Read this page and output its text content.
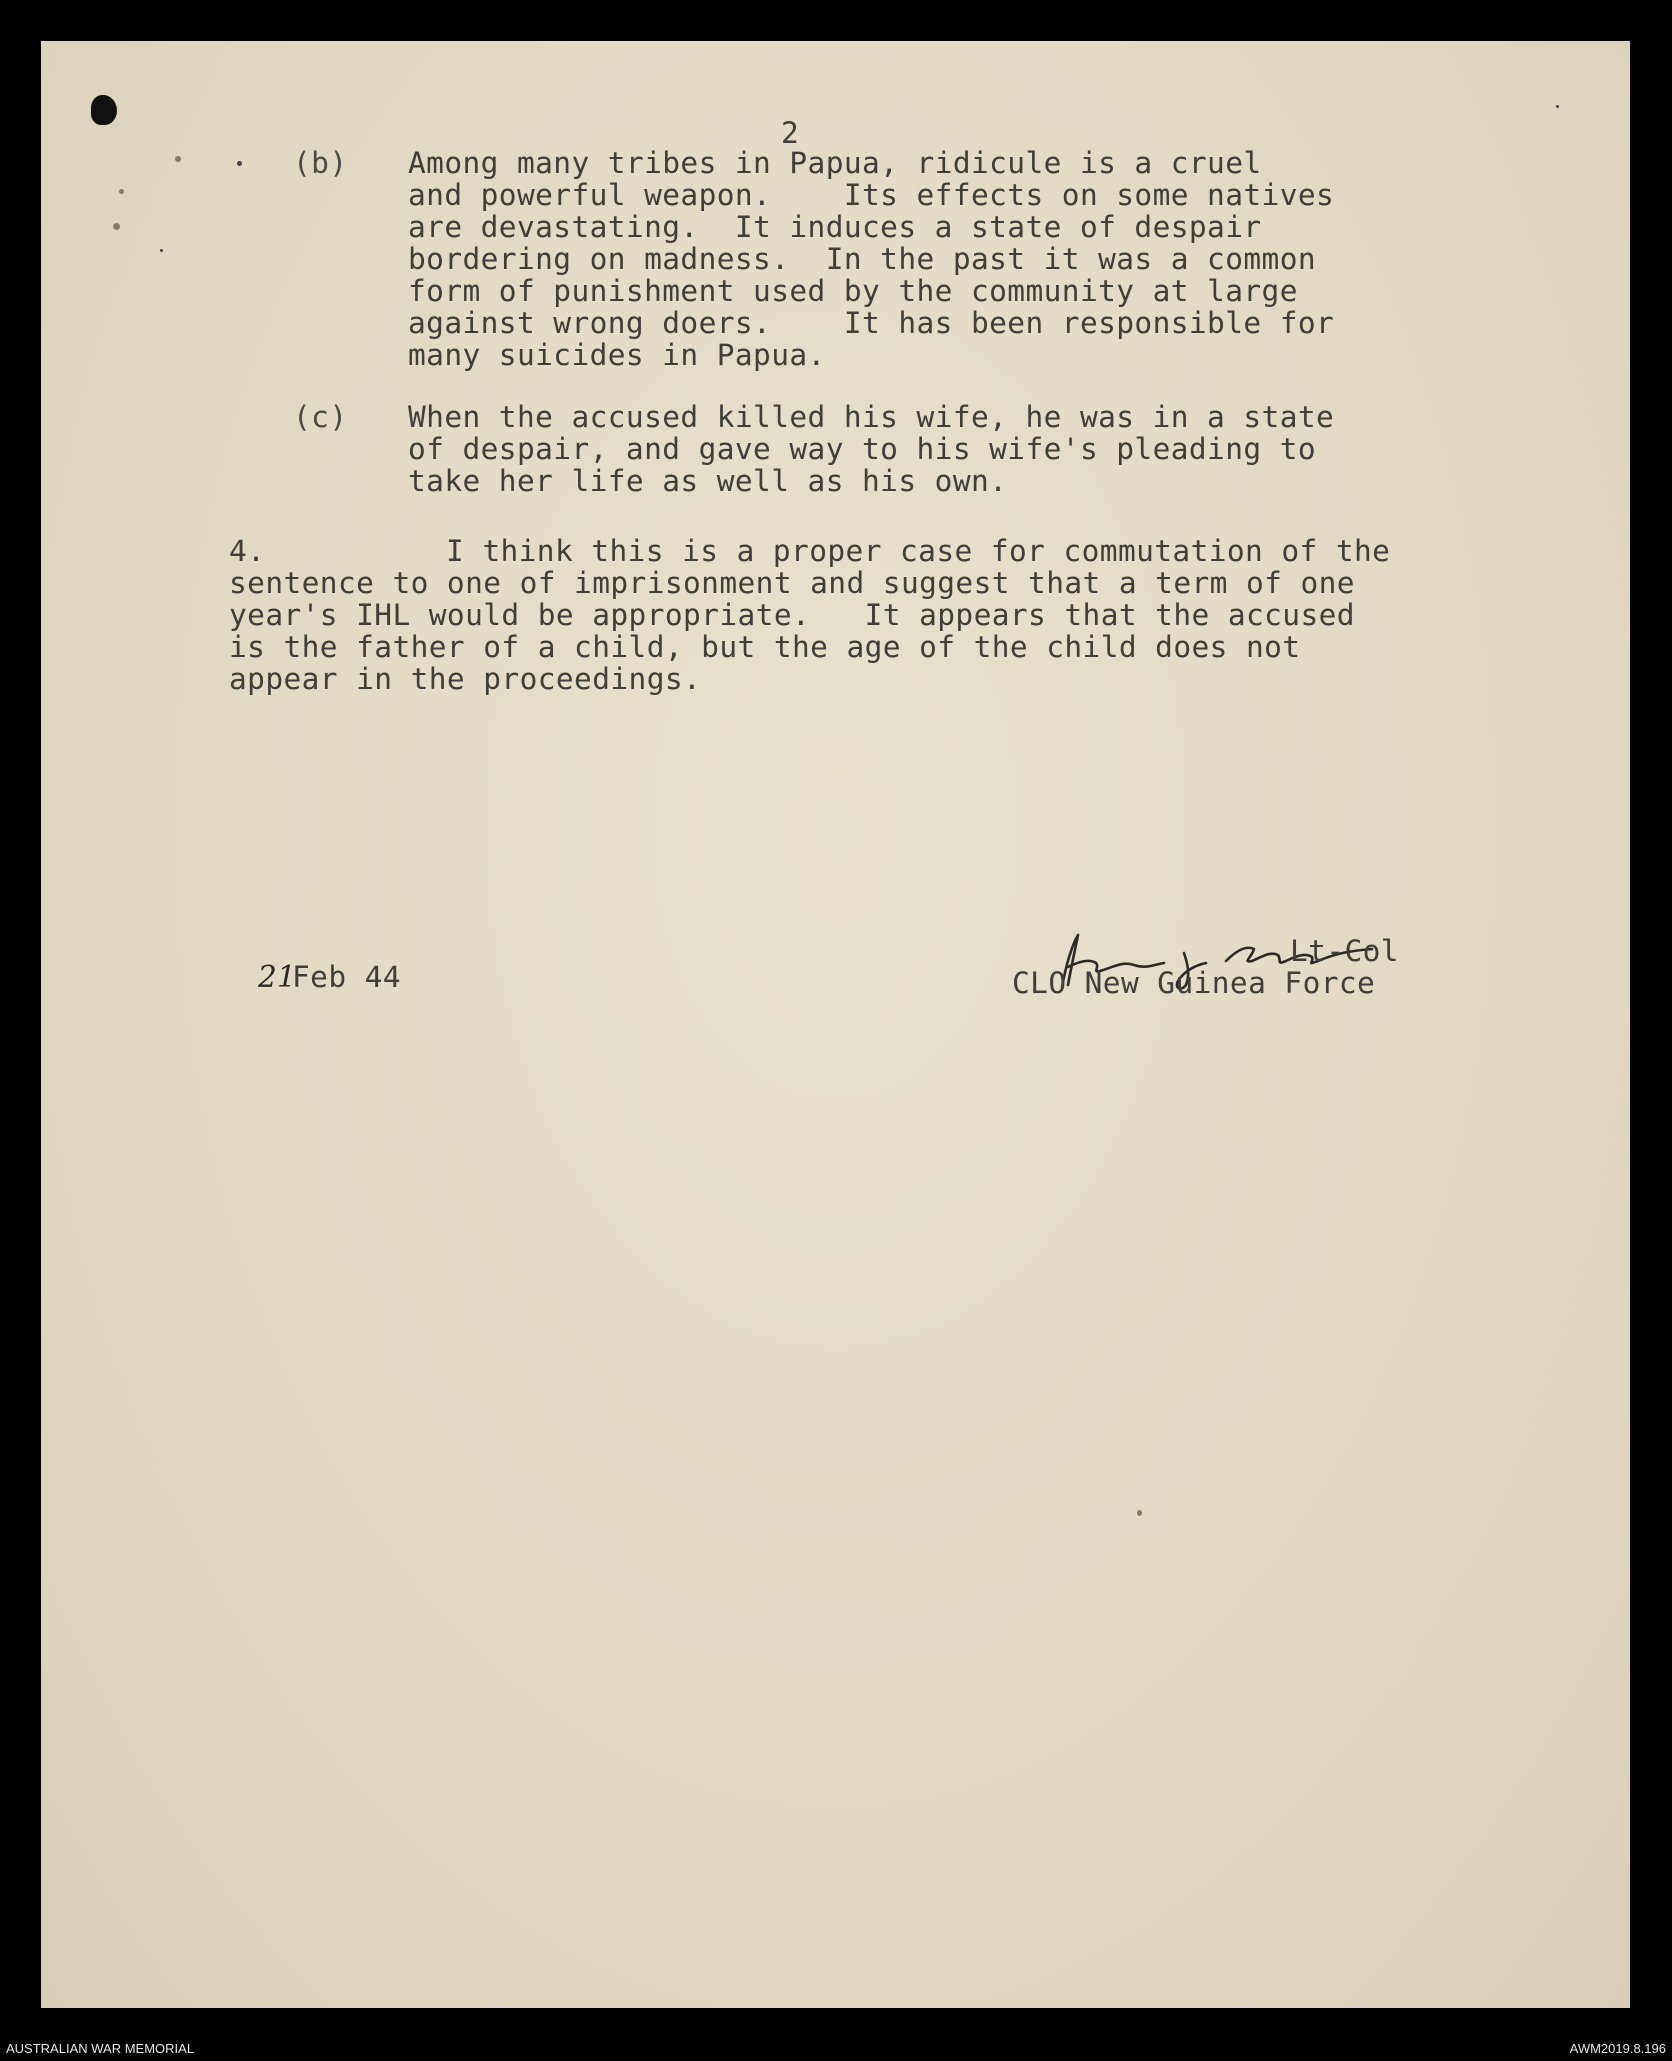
2
(b) Among many tribes in Papua, ridicule is a cruel
and powerful weapon.    Its effects on some natives
are devastating.  It induces a state of despair
bordering on madness.  In the past it was a common
form of punishment used by the community at large
against wrong doers.    It has been responsible for
many suicides in Papua.
(c) When the accused killed his wife, he was in a state
of despair, and gave way to his wife's pleading to
take her life as well as his own.
4.	I think this is a proper case for commutation of the
sentence to one of imprisonment and suggest that a term of one
year's IHL would be appropriate.   It appears that the accused
is the father of a child, but the age of the child does not
appear in the proceedings.
Lt-Col
CLO New Guinea Force
21
Feb 44
AUSTRALIAN WAR MEMORIAL	AWM2019.8.196
